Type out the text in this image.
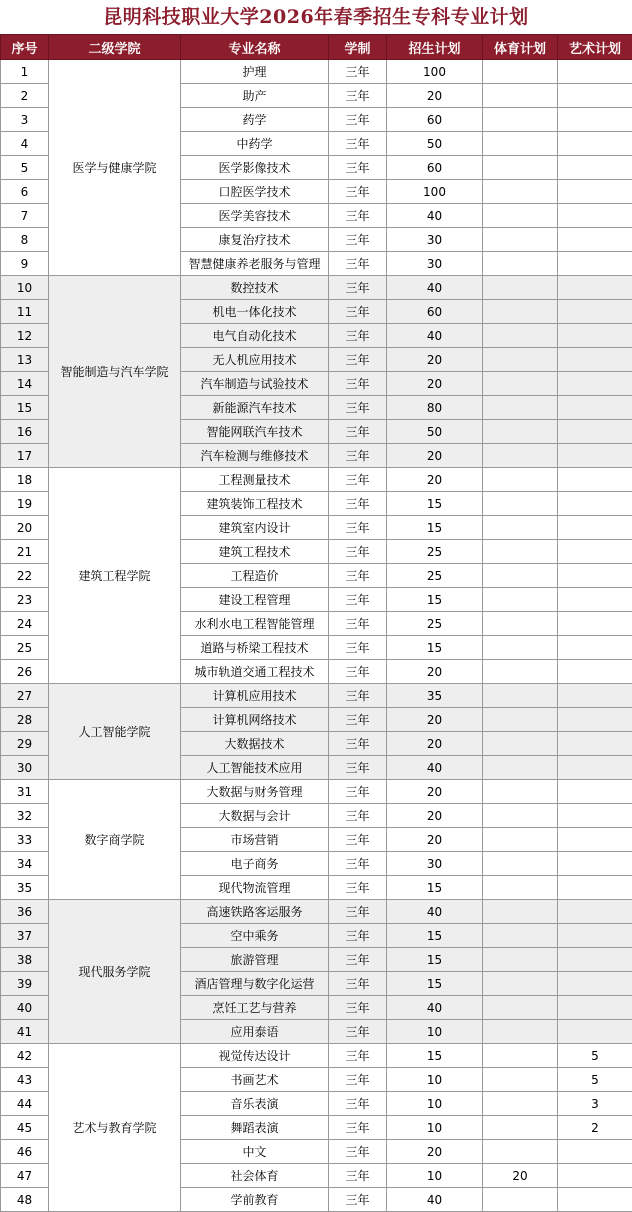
昆明科技职业大学2026年春季招生专科专业计划
序号	二级学院	专业名称	学制	招生计划	体育计划	艺术计划
1	医学与健康学院	护理	三年	100		
2		助产	三年	20		
3		药学	三年	60		
4		中药学	三年	50		
5		医学影像技术	三年	60		
6		口腔医学技术	三年	100		
7		医学美容技术	三年	40		
8		康复治疗技术	三年	30		
9		智慧健康养老服务与管理	三年	30		
10	智能制造与汽车学院	数控技术	三年	40		
11		机电一体化技术	三年	60		
12		电气自动化技术	三年	40		
13		无人机应用技术	三年	20		
14		汽车制造与试验技术	三年	20		
15		新能源汽车技术	三年	80		
16		智能网联汽车技术	三年	50		
17		汽车检测与维修技术	三年	20		
18	建筑工程学院	工程测量技术	三年	20		
19		建筑装饰工程技术	三年	15		
20		建筑室内设计	三年	15		
21		建筑工程技术	三年	25		
22		工程造价	三年	25		
23		建设工程管理	三年	15		
24		水利水电工程智能管理	三年	25		
25		道路与桥梁工程技术	三年	15		
26		城市轨道交通工程技术	三年	20		
27	人工智能学院	计算机应用技术	三年	35		
28		计算机网络技术	三年	20		
29		大数据技术	三年	20		
30		人工智能技术应用	三年	40		
31	数字商学院	大数据与财务管理	三年	20		
32		大数据与会计	三年	20		
33		市场营销	三年	20		
34		电子商务	三年	30		
35		现代物流管理	三年	15		
36	现代服务学院	高速铁路客运服务	三年	40		
37		空中乘务	三年	15		
38		旅游管理	三年	15		
39		酒店管理与数字化运营	三年	15		
40		烹饪工艺与营养	三年	40		
41		应用泰语	三年	10		
42	艺术与教育学院	视觉传达设计	三年	15		5
43		书画艺术	三年	10		5
44		音乐表演	三年	10		3
45		舞蹈表演	三年	10		2
46		中文	三年	20		
47		社会体育	三年	10	20	
48		学前教育	三年	40		
